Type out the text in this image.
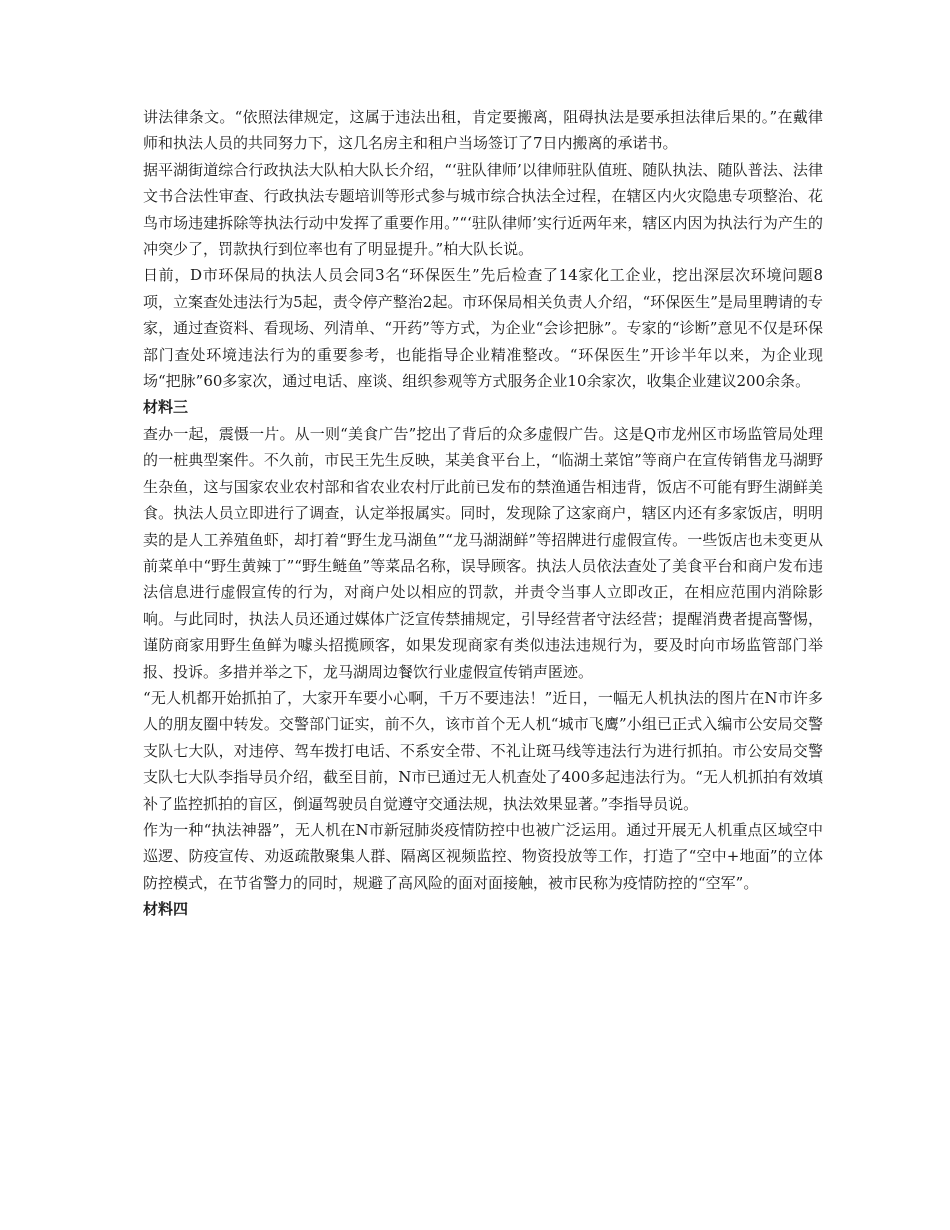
讲法律条文。“依照法律规定，这属于违法出租，肯定要搬离，阻碍执法是要承担法律后果的。”在戴律师和执法人员的共同努力下，这几名房主和租户当场签订了7日内搬离的承诺书。

据平湖街道综合行政执法大队柏大队长介绍，“‘驻队律师’以律师驻队值班、随队执法、随队普法、法律文书合法性审查、行政执法专题培训等形式参与城市综合执法全过程，在辖区内火灾隐患专项整治、花鸟市场违建拆除等执法行动中发挥了重要作用。”“‘驻队律师’实行近两年来，辖区内因为执法行为产生的冲突少了，罚款执行到位率也有了明显提升。”柏大队长说。

日前，D市环保局的执法人员会同3名“环保医生”先后检查了14家化工企业，挖出深层次环境问题8项，立案查处违法行为5起，责令停产整治2起。市环保局相关负责人介绍，“环保医生”是局里聘请的专家，通过查资料、看现场、列清单、“开药”等方式，为企业“会诊把脉”。专家的“诊断”意见不仅是环保部门查处环境违法行为的重要参考，也能指导企业精准整改。“环保医生”开诊半年以来，为企业现场“把脉”60多家次，通过电话、座谈、组织参观等方式服务企业10余家次，收集企业建议200余条。

材料三

查办一起，震慑一片。从一则“美食广告”挖出了背后的众多虚假广告。这是Q市龙州区市场监管局处理的一桩典型案件。不久前，市民王先生反映，某美食平台上，“临湖土菜馆”等商户在宣传销售龙马湖野生杂鱼，这与国家农业农村部和省农业农村厅此前已发布的禁渔通告相违背，饭店不可能有野生湖鲜美食。执法人员立即进行了调查，认定举报属实。同时，发现除了这家商户，辖区内还有多家饭店，明明卖的是人工养殖鱼虾，却打着“野生龙马湖鱼”“龙马湖湖鲜”等招牌进行虚假宣传。一些饭店也未变更从前菜单中“野生黄辣丁”“野生鲢鱼”等菜品名称，误导顾客。执法人员依法查处了美食平台和商户发布违法信息进行虚假宣传的行为，对商户处以相应的罚款，并责令当事人立即改正，在相应范围内消除影响。与此同时，执法人员还通过媒体广泛宣传禁捕规定，引导经营者守法经营；提醒消费者提高警惕，谨防商家用野生鱼鲜为噱头招揽顾客，如果发现商家有类似违法违规行为，要及时向市场监管部门举报、投诉。多措并举之下，龙马湖周边餐饮行业虚假宣传销声匿迹。

“无人机都开始抓拍了，大家开车要小心啊，千万不要违法！”近日，一幅无人机执法的图片在N市许多人的朋友圈中转发。交警部门证实，前不久，该市首个无人机“城市飞鹰”小组已正式入编市公安局交警支队七大队，对违停、驾车拨打电话、不系安全带、不礼让斑马线等违法行为进行抓拍。市公安局交警支队七大队李指导员介绍，截至目前，N市已通过无人机查处了400多起违法行为。“无人机抓拍有效填补了监控抓拍的盲区，倒逼驾驶员自觉遵守交通法规，执法效果显著。”李指导员说。

作为一种“执法神器”，无人机在N市新冠肺炎疫情防控中也被广泛运用。通过开展无人机重点区域空中巡逻、防疫宣传、劝返疏散聚集人群、隔离区视频监控、物资投放等工作，打造了“空中+地面”的立体防控模式，在节省警力的同时，规避了高风险的面对面接触，被市民称为疫情防控的“空军”。

材料四
